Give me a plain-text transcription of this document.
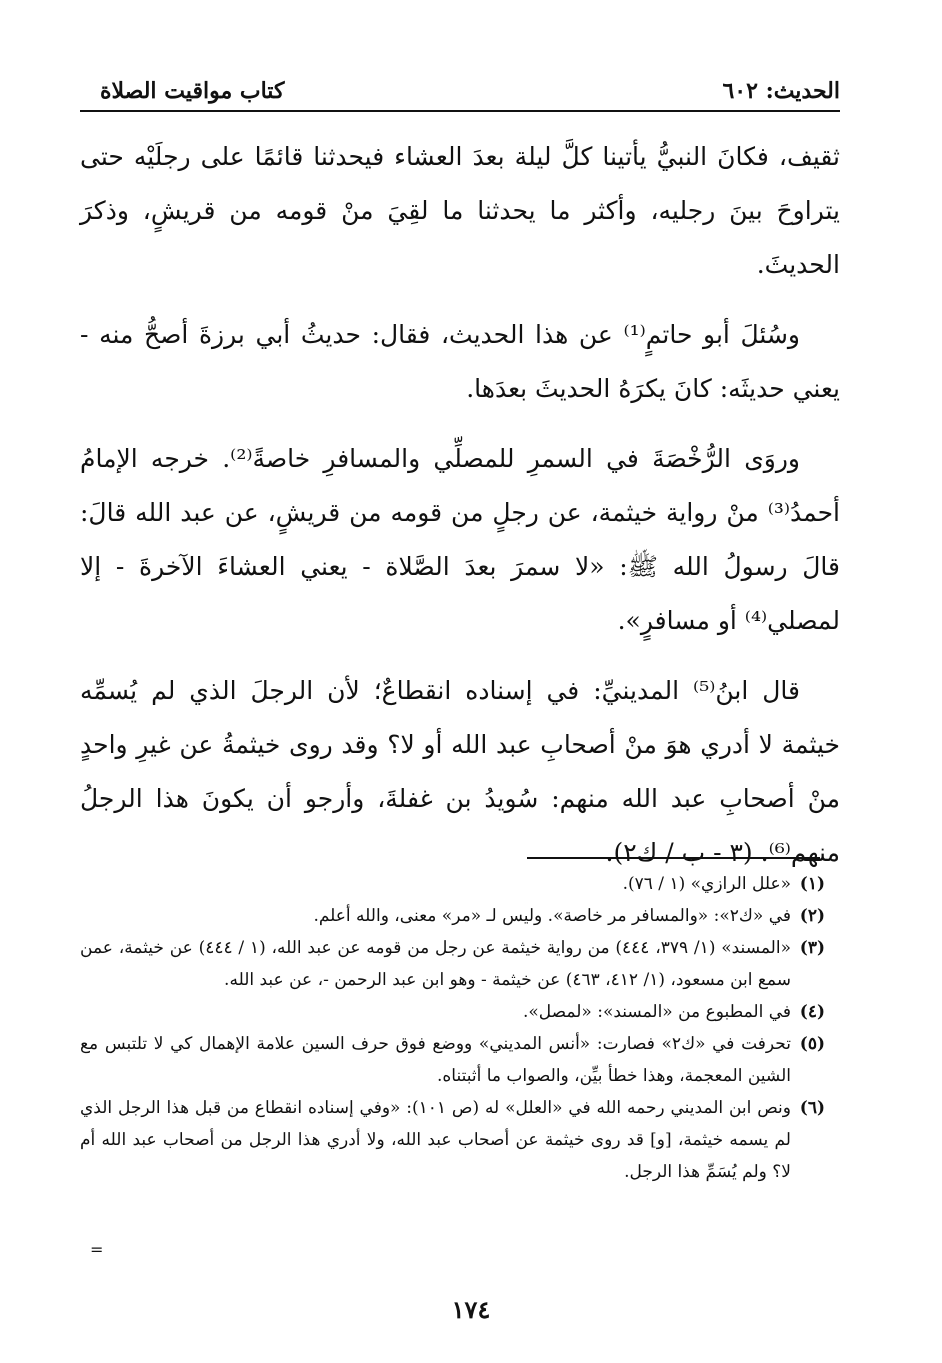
الحديث: ٦٠٢
كتاب مواقيت الصلاة

ثقيف، فكانَ النبيُّ يأتينا كلَّ ليلة بعدَ العشاء فيحدثنا قائمًا على رجلَيْه حتى يتراوحَ بينَ رجليه، وأكثر ما يحدثنا ما لقِيَ منْ قومه من قريشٍ، وذكرَ الحديثَ.

وسُئلَ أبو حاتمٍ⁽¹⁾ عن هذا الحديث، فقال: حديثُ أبي برزةَ أصحُّ منه - يعني حديثَه: كانَ يكرَهُ الحديثَ بعدَها.

وروَى الرُّخْصَةَ في السمرِ للمصلِّي والمسافرِ خاصةً⁽²⁾. خرجه الإمامُ أحمدُ⁽³⁾ منْ رواية خيثمة، عن رجلٍ من قومه من قريشٍ، عن عبد الله قالَ: قالَ رسولُ الله ﷺ: «لا سمرَ بعدَ الصَّلاة - يعني العشاءَ الآخرةَ - إلا لمصلي⁽⁴⁾ أو مسافرٍ».

قال ابنُ⁽⁵⁾ المدينيِّ: في إسناده انقطاعٌ؛ لأن الرجلَ الذي لم يُسمِّه خيثمة لا أدري هوَ منْ أصحابِ عبد الله أو لا؟ وقد روى خيثمةُ عن غيرِ واحدٍ منْ أصحابِ عبد الله منهم: سُويدُ بن غفلةَ، وأرجو أن يكونَ هذا الرجلُ منهم⁽⁶⁾. (٣ - ب / ك٢).

(١)

«علل الرازي» (١ / ٧٦).

(٢)

في «ك٢»: «والمسافر مر خاصة». وليس لـ «مر» معنى، والله أعلم.

(٣)

«المسند» (١/ ٣٧٩، ٤٤٤) من رواية خيثمة عن رجل من قومه عن عبد الله، (١ / ٤٤٤) عن خيثمة، عمن سمع ابن مسعود، (١/ ٤١٢، ٤٦٣) عن خيثمة - وهو ابن عبد الرحمن -، عن عبد الله.

(٤)

في المطبوع من «المسند»: «لمصل».

(٥)

تحرفت في «ك٢» فصارت: «أنس المديني» ووضع فوق حرف السين علامة الإهمال كي لا تلتبس مع الشين المعجمة، وهذا خطأ بيِّن، والصواب ما أثبتناه.

(٦)

ونص ابن المديني رحمه الله في «العلل» له (ص ١٠١): «وفي إسناده انقطاع من قبل هذا الرجل الذي لم يسمه خيثمة، [و] قد روى خيثمة عن أصحاب عبد الله، ولا أدري هذا الرجل من أصحاب عبد الله أم لا؟ ولم يُسَمِّ هذا الرجل.

=
١٧٤
